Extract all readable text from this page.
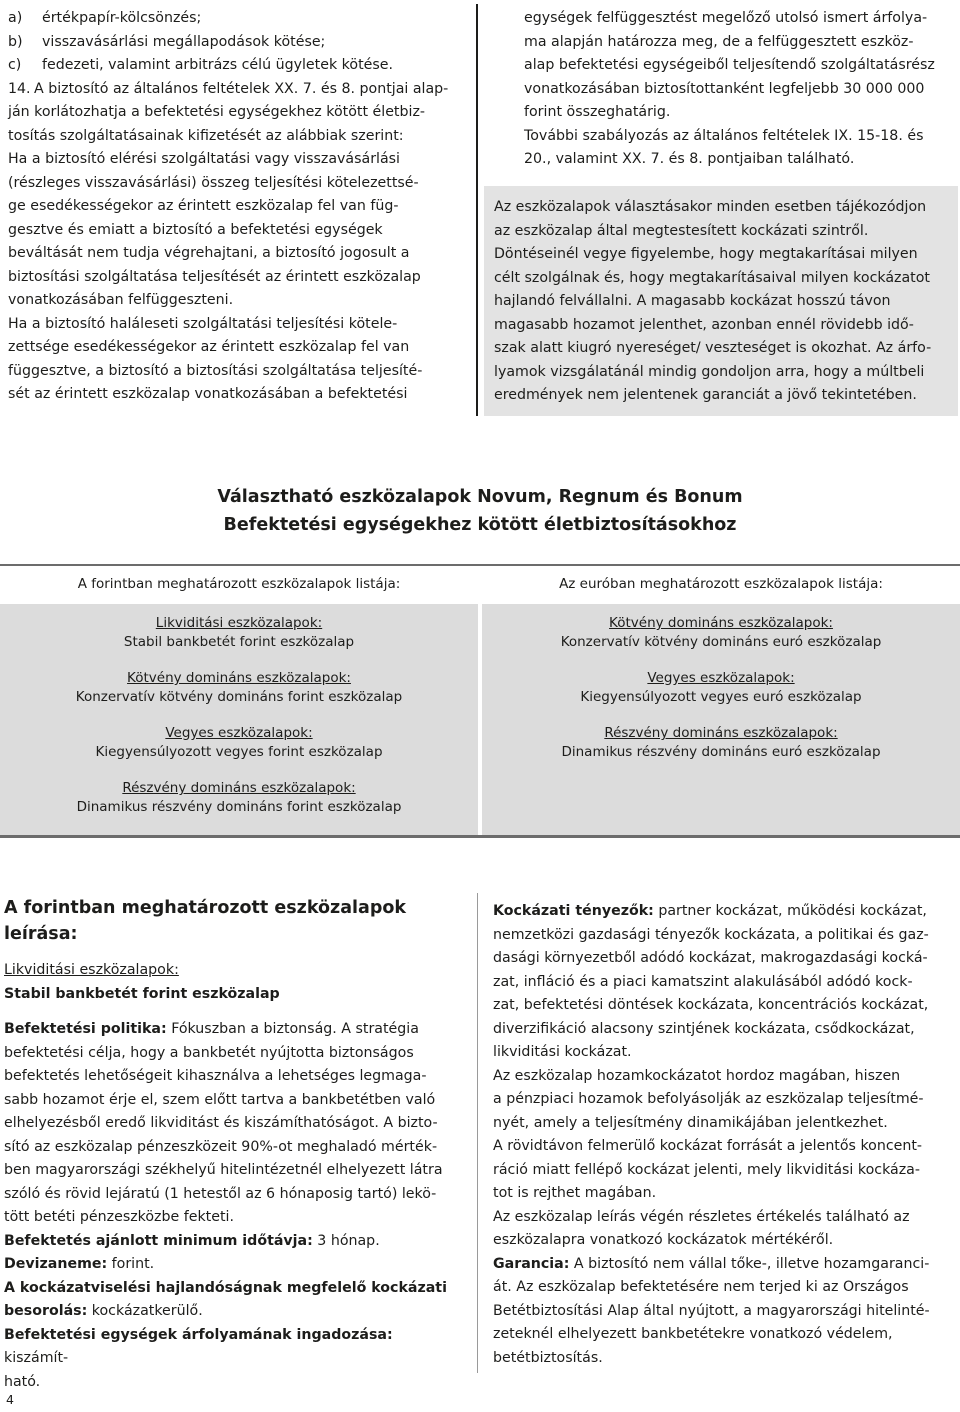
a)	értékpapír-kölcsönzés;
b)	visszavásárlási megállapodások kötése;
c)	fedezeti, valamint arbitrázs célú ügyletek kötése.
14. A biztosító az általános feltételek XX. 7. és 8. pontjai alap-

ján korlátozhatja a befektetési egységekhez kötött életbiz-

tosítás szolgáltatásainak kifizetését az alábbiak szerint:

Ha a biztosító elérési szolgáltatási vagy visszavásárlási

(részleges visszavásárlási) összeg teljesítési kötelezettsé-

ge esedékességekor az érintett eszközalap fel van füg-

gesztve és emiatt a biztosító a befektetési egységek

beváltását nem tudja végrehajtani, a biztosító jogosult a

biztosítási szolgáltatása teljesítését az érintett eszközalap

vonatkozásában felfüggeszteni.

Ha a biztosító haláleseti szolgáltatási teljesítési kötele-

zettsége esedékességekor az érintett eszközalap fel van

függesztve, a biztosító a biztosítási szolgáltatása teljesíté-

sét az érintett eszközalap vonatkozásában a befektetési

egységek felfüggesztést megelőző utolsó ismert árfolya-

ma alapján határozza meg, de a felfüggesztett eszköz-

alap befektetési egységeiből teljesítendő szolgáltatásrész

vonatkozásában biztosítottanként legfeljebb 30 000 000

forint összeghatárig.

További szabályozás az általános feltételek IX. 15-18. és

20., valamint XX. 7. és 8. pontjaiban található.

Az eszközalapok választásakor minden esetben tájékozódjon

az eszközalap által megtestesített kockázati szintről.

Döntéseinél vegye figyelembe, hogy megtakarításai milyen

célt szolgálnak és, hogy megtakarításaival milyen kockázatot

hajlandó felvállalni. A magasabb kockázat hosszú távon

magasabb hozamot jelenthet, azonban ennél rövidebb idő-

szak alatt kiugró nyereséget/ veszteséget is okozhat. Az árfo-

lyamok vizsgálatánál mindig gondoljon arra, hogy a múltbeli

eredmények nem jelentenek garanciát a jövő tekintetében.

Választható eszközalapok Novum, Regnum és Bonum
Befektetési egységekhez kötött életbiztosításokhoz
A forintban meghatározott eszközalapok listája:
Likviditási eszközalapok:
Stabil bankbetét forint eszközalap
Kötvény domináns eszközalapok:
Konzervatív kötvény domináns forint eszközalap
Vegyes eszközalapok:
Kiegyensúlyozott vegyes forint eszközalap
Részvény domináns eszközalapok:
Dinamikus részvény domináns forint eszközalap
Az euróban meghatározott eszközalapok listája:
Kötvény domináns eszközalapok:
Konzervatív kötvény domináns euró eszközalap
Vegyes eszközalapok:
Kiegyensúlyozott vegyes euró eszközalap
Részvény domináns eszközalapok:
Dinamikus részvény domináns euró eszközalap
A forintban meghatározott eszközalapok leírása:

Likviditási eszközalapok:

Stabil bankbetét forint eszközalap

Befektetési politika: Fókuszban a biztonság. A stratégia

befektetési célja, hogy a bankbetét nyújtotta biztonságos

befektetés lehetőségeit kihasználva a lehetséges legmaga-

sabb hozamot érje el, szem előtt tartva a bankbetétben való

elhelyezésből eredő likviditást és kiszámíthatóságot. A bizto-

sító az eszközalap pénzeszközeit 90%-ot meghaladó mérték-

ben magyarországi székhelyű hitelintézetnél elhelyezett látra

szóló és rövid lejáratú (1 hetestől az 6 hónaposig tartó) lekö-

tött betéti pénzeszközbe fekteti.

Befektetés ajánlott minimum időtávja: 3 hónap.

Devizaneme: forint.

A kockázatviselési hajlandóságnak megfelelő kockázati

besorolás: kockázatkerülő.

Befektetési egységek árfolyamának ingadozása: kiszámít-

ható.

Kockázati tényezők: partner kockázat, működési kockázat,

nemzetközi gazdasági tényezők kockázata, a politikai és gaz-

dasági környezetből adódó kockázat, makrogazdasági kocká-

zat, infláció és a piaci kamatszint alakulásából adódó kock-

zat, befektetési döntések kockázata, koncentrációs kockázat,

diverzifikáció alacsony szintjének kockázata, csődkockázat,

likviditási kockázat.

Az eszközalap hozamkockázatot hordoz magában, hiszen

a pénzpiaci hozamok befolyásolják az eszközalap teljesítmé-

nyét, amely a teljesítmény dinamikájában jelentkezhet.

A rövidtávon felmerülő kockázat forrását a jelentős koncent-

ráció miatt fellépő kockázat jelenti, mely likviditási kockáza-

tot is rejthet magában.

Az eszközalap leírás végén részletes értékelés található az

eszközalapra vonatkozó kockázatok mértékéről.

Garancia: A biztosító nem vállal tőke-, illetve hozamgaranci-

át. Az eszközalap befektetésére nem terjed ki az Országos

Betétbiztosítási Alap által nyújtott, a magyarországi hitelinté-

zeteknél elhelyezett bankbetétekre vonatkozó védelem,

betétbiztosítás.

4
